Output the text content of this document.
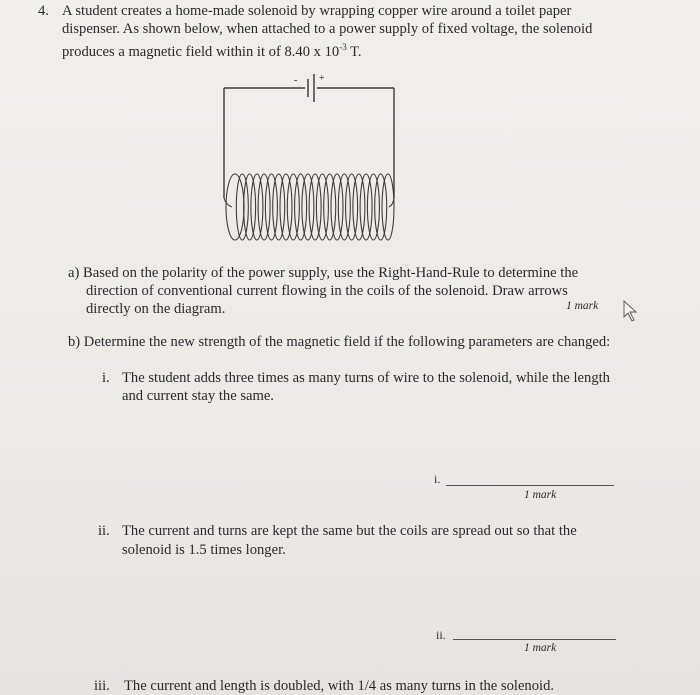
4. A student creates a home-made solenoid by wrapping copper wire around a toilet paper
dispenser. As shown below, when attached to a power supply of fixed voltage, the solenoid
produces a magnetic field within it of 8.40 x $10^{-3}$ T.
- +
a) Based on the polarity of the power supply, use the Right-Hand-Rule to determine the
direction of conventional current flowing in the coils of the solenoid. Draw arrows
directly on the diagram.	1 mark
b) Determine the new strength of the magnetic field if the following parameters are changed:
i. The student adds three times as many turns of wire to the solenoid, while the length
and current stay the same.
i.
1 mark
ii. The current and turns are kept the same but the coils are spread out so that the
solenoid is 1.5 times longer.
ii.
1 mark
iii. The current and length is doubled, with 1/4 as many turns in the solenoid.
